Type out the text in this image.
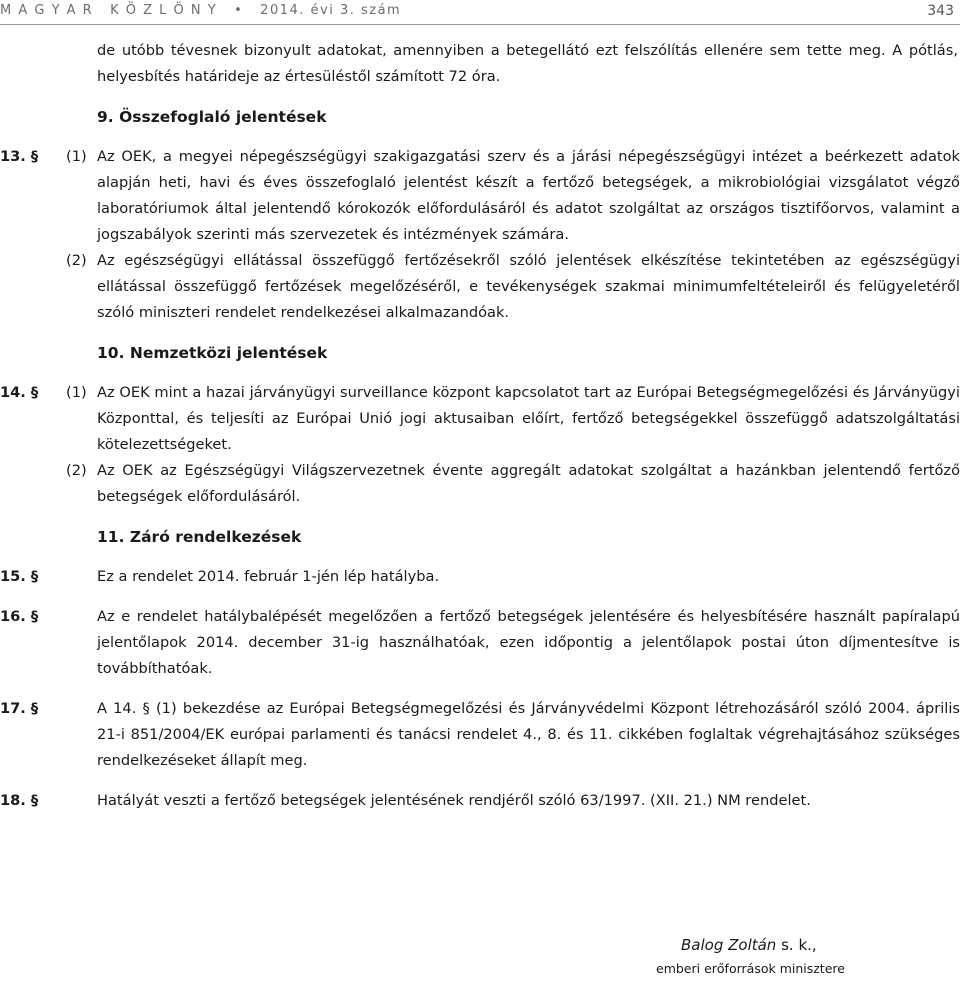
M A G Y A R   K Ö Z L Ö N Y   •   2014. évi 3. szám	343
de utóbb tévesnek bizonyult adatokat, amennyiben a betegellátó ezt felszólítás ellenére sem tette meg. A pótlás, helyesbítés határideje az értesüléstől számított 72 óra.
9. Összefoglaló jelentések
13. § (1) Az OEK, a megyei népegészségügyi szakigazgatási szerv és a járási népegészségügyi intézet a beérkezett adatok alapján heti, havi és éves összefoglaló jelentést készít a fertőző betegségek, a mikrobiológiai vizsgálatot végző laboratóriumok által jelentendő kórokozók előfordulásáról és adatot szolgáltat az országos tisztifőorvos, valamint a jogszabályok szerinti más szervezetek és intézmények számára.
(2) Az egészségügyi ellátással összefüggő fertőzésekről szóló jelentések elkészítése tekintetében az egészségügyi ellátással összefüggő fertőzések megelőzéséről, e tevékenységek szakmai minimumfeltételeiről és felügyeletéről szóló miniszteri rendelet rendelkezései alkalmazandóak.
10. Nemzetközi jelentések
14. § (1) Az OEK mint a hazai járványügyi surveillance központ kapcsolatot tart az Európai Betegségmegelőzési és Járványügyi Központtal, és teljesíti az Európai Unió jogi aktusaiban előírt, fertőző betegségekkel összefüggő adatszolgáltatási kötelezettségeket.
(2) Az OEK az Egészségügyi Világszervezetnek évente aggregált adatokat szolgáltat a hazánkban jelentendő fertőző betegségek előfordulásáról.
11. Záró rendelkezések
15. §	Ez a rendelet 2014. február 1-jén lép hatályba.
16. §	Az e rendelet hatálybalépését megelőzően a fertőző betegségek jelentésére és helyesbítésére használt papíralapú jelentőlapok 2014. december 31-ig használhatóak, ezen időpontig a jelentőlapok postai úton díjmentesítve is továbbíthatóak.
17. §	A 14. § (1) bekezdése az Európai Betegségmegelőzési és Járványvédelmi Központ létrehozásáról szóló 2004. április 21-i 851/2004/EK európai parlamenti és tanácsi rendelet 4., 8. és 11. cikkében foglaltak végrehajtásához szükséges rendelkezéseket állapít meg.
18. §	Hatályát veszti a fertőző betegségek jelentésének rendjéről szóló 63/1997. (XII. 21.) NM rendelet.
Balog Zoltán s. k.,
emberi erőforrások minisztere
